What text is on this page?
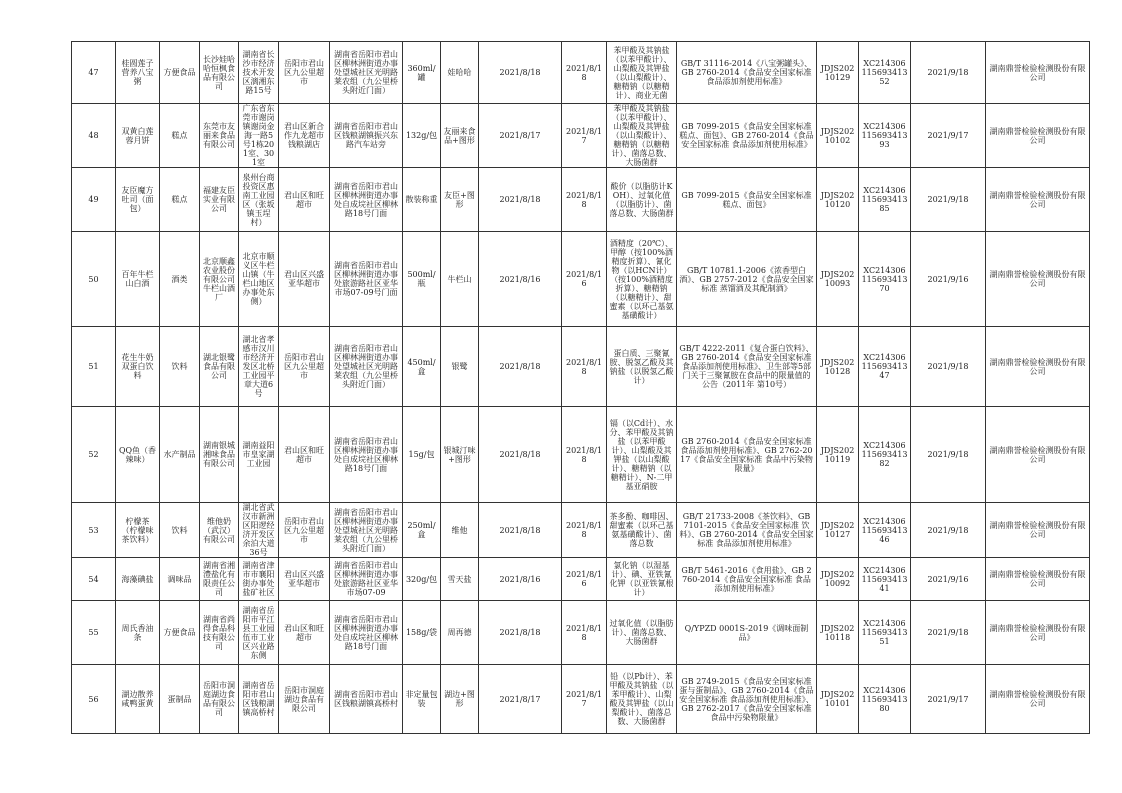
47	桂圆莲子营养八宝粥	方便食品	长沙娃哈哈恒枫食品有限公司	湖南省长沙市经济技术开发区漓湘东路15号	岳阳市君山区九公里超市	湖南省岳阳市君山区柳林洲街道办事处望城社区光明路莱农组（九公里桥头附近门面）	360ml/罐	娃哈哈	2021/8/18	2021/8/18	苯甲酸及其钠盐（以苯甲酸计）、山梨酸及其钾盐（以山梨酸计）、糖精钠（以糖精计）、商业无菌	GB/T 31116-2014《八宝粥罐头》、GB 2760-2014《食品安全国家标准 食品添加剂使用标准》	JDJS20210129	XC21430611569341352	2021/9/18	湖南鼎誉检验检测股份有限公司

48	双黄白莲蓉月饼	糕点	东莞市友丽来食品有限公司	广东省东莞市谢岗镇谢岗金海一路5号1栋201室、301室	君山区新合作九龙超市钱粮湖店	湖南省岳阳市君山区钱粮湖镇振兴东路汽车站旁	132g/包	友丽来食品+图形	2021/8/17	2021/8/17	苯甲酸及其钠盐（以苯甲酸计）、山梨酸及其钾盐（以山梨酸计）、糖精钠（以糖精计）、菌落总数、大肠菌群	GB 7099-2015《食品安全国家标准 糕点、面包》、GB 2760-2014《食品安全国家标准 食品添加剂使用标准》	JDJS20210102	XC21430611569341393	2021/9/17	湖南鼎誉检验检测股份有限公司

49	友臣魔方吐司（面包）	糕点	福建友臣实业有限公司	泉州台商投资区惠南工业园区（张坂镇玉埕村）	君山区和旺超市	湖南省岳阳市君山区柳林洲街道办事处自成垸社区柳林路18号门面	散装称重	友臣+图形	2021/8/18	2021/8/18	酸价（以脂肪计KOH）、过氧化值（以脂肪计）、菌落总数、大肠菌群	GB 7099-2015《食品安全国家标准 糕点、面包》	JDJS20210120	XC21430611569341385	2021/9/18	湖南鼎誉检验检测股份有限公司

50	百年牛栏山白酒	酒类	北京顺鑫农业股份有限公司牛栏山酒厂	北京市顺义区牛栏山镇（牛栏山地区办事处东侧）	君山区兴盛亚华超市	湖南省岳阳市君山区柳林洲街道办事处旅游路社区亚华市场07-09号门面	500ml/瓶	牛栏山	2021/8/16	2021/8/16	酒精度（20℃）、甲醇（按100%酒精度折算）、氰化物（以HCN计）（按100%酒精度折算）、糖精钠（以糖精计）、甜蜜素（以环己基氨基磺酸计）	GB/T 10781.1-2006《浓香型白酒》、GB 2757-2012《食品安全国家标准 蒸馏酒及其配制酒》	JDJS20210093	XC21430611569341370	2021/9/16	湖南鼎誉检验检测股份有限公司

51	花生牛奶双蛋白饮料	饮料	湖北银鹭食品有限公司	湖北省孝感市汉川市经济开发区北桥工业园平章大道6号	岳阳市君山区九公里超市	湖南省岳阳市君山区柳林洲街道办事处望城社区光明路莱农组（九公里桥头附近门面）	450ml/盒	银鹭	2021/8/18	2021/8/18	蛋白质、三聚氰胺、脱氢乙酸及其钠盐（以脱氢乙酸计）	GB/T 4222-2011《复合蛋白饮料》、GB 2760-2014《食品安全国家标准 食品添加剂使用标准》、卫生部等5部门关于三聚氰胺在食品中的限量值的公告（2011年 第10号）	JDJS20210128	XC21430611569341347	2021/9/18	湖南鼎誉检验检测股份有限公司

52	QQ鱼（香辣味）	水产制品	湖南银城湘味食品有限公司	湖南益阳市皇家湖工业园	君山区和旺超市	湖南省岳阳市君山区柳林洲街道办事处自成垸社区柳林路18号门面	15g/包	银城汀味+图形	2021/8/18	2021/8/18	镉（以Cd计）、水分、苯甲酸及其钠盐（以苯甲酸计）、山梨酸及其钾盐（以山梨酸计）、糖精钠（以糖精计）、N-二甲基亚硝胺	GB 2760-2014《食品安全国家标准 食品添加剂使用标准》、GB 2762-2017《食品安全国家标准 食品中污染物限量》	JDJS20210119	XC21430611569341382	2021/9/18	湖南鼎誉检验检测股份有限公司

53	柠檬茶（柠檬味茶饮料）	饮料	维他奶（武汉）有限公司	湖北省武汉市新洲区阳逻经济开发区余泊大道36号	岳阳市君山区九公里超市	湖南省岳阳市君山区柳林洲街道办事处望城社区光明路莱农组（九公里桥头附近门面）	250ml/盒	维他	2021/8/18	2021/8/18	茶多酚、咖啡因、甜蜜素（以环己基氨基磺酸计）、菌落总数	GB/T 21733-2008《茶饮料》、GB 7101-2015《食品安全国家标准 饮料》、GB 2760-2014《食品安全国家标准 食品添加剂使用标准》	JDJS20210127	XC21430611569341346	2021/9/18	湖南鼎誉检验检测股份有限公司

54	海藻碘盐	调味品	湖南省湘澧盐化有限责任公司	湖南省津市市襄阳街办事处盐矿社区	君山区兴盛亚华超市	湖南省岳阳市君山区柳林洲街道办事处旅游路社区亚华市场07-09	320g/包	雪天盐	2021/8/16	2021/8/16	氯化钠（以湿基计）、碘、亚铁氰化钾（以亚铁氰根计）	GB/T 5461-2016《食用盐》、GB 2760-2014《食品安全国家标准 食品添加剂使用标准》	JDJS20210092	XC21430611569341341	2021/9/16	湖南鼎誉检验检测股份有限公司

55	周氏香油条	方便食品	湖南省尚得食品科技有限公司	湖南省岳阳市平江县工业园伍市工业区兴业路东侧	君山区和旺超市	湖南省岳阳市君山区柳林洲街道办事处自成垸社区柳林路18号门面	158g/袋	周再德	2021/8/18	2021/8/18	过氧化值（以脂肪计）、菌落总数、大肠菌群	Q/YPZD 0001S-2019《调味面制品》	JDJS20210118	XC21430611569341351	2021/9/18	湖南鼎誉检验检测股份有限公司

56	湖边散养咸鸭蛋黄	蛋制品	岳阳市洞庭湖边食品有限公司	湖南省岳阳市君山区钱粮湖镇高桥村	岳阳市洞庭湖边食品有限公司	湖南省岳阳市君山区钱粮湖镇高桥村	非定量包装	湖边+图形	2021/8/17	2021/8/17	铅（以Pb计）、苯甲酸及其钠盐（以苯甲酸计）、山梨酸及其钾盐（以山梨酸计）、菌落总数、大肠菌群	GB 2749-2015《食品安全国家标准 蛋与蛋制品》、GB 2760-2014《食品安全国家标准 食品添加剂使用标准》、GB 2762-2017《食品安全国家标准 食品中污染物限量》	JDJS20210101	XC21430611569341380	2021/9/17	湖南鼎誉检验检测股份有限公司
